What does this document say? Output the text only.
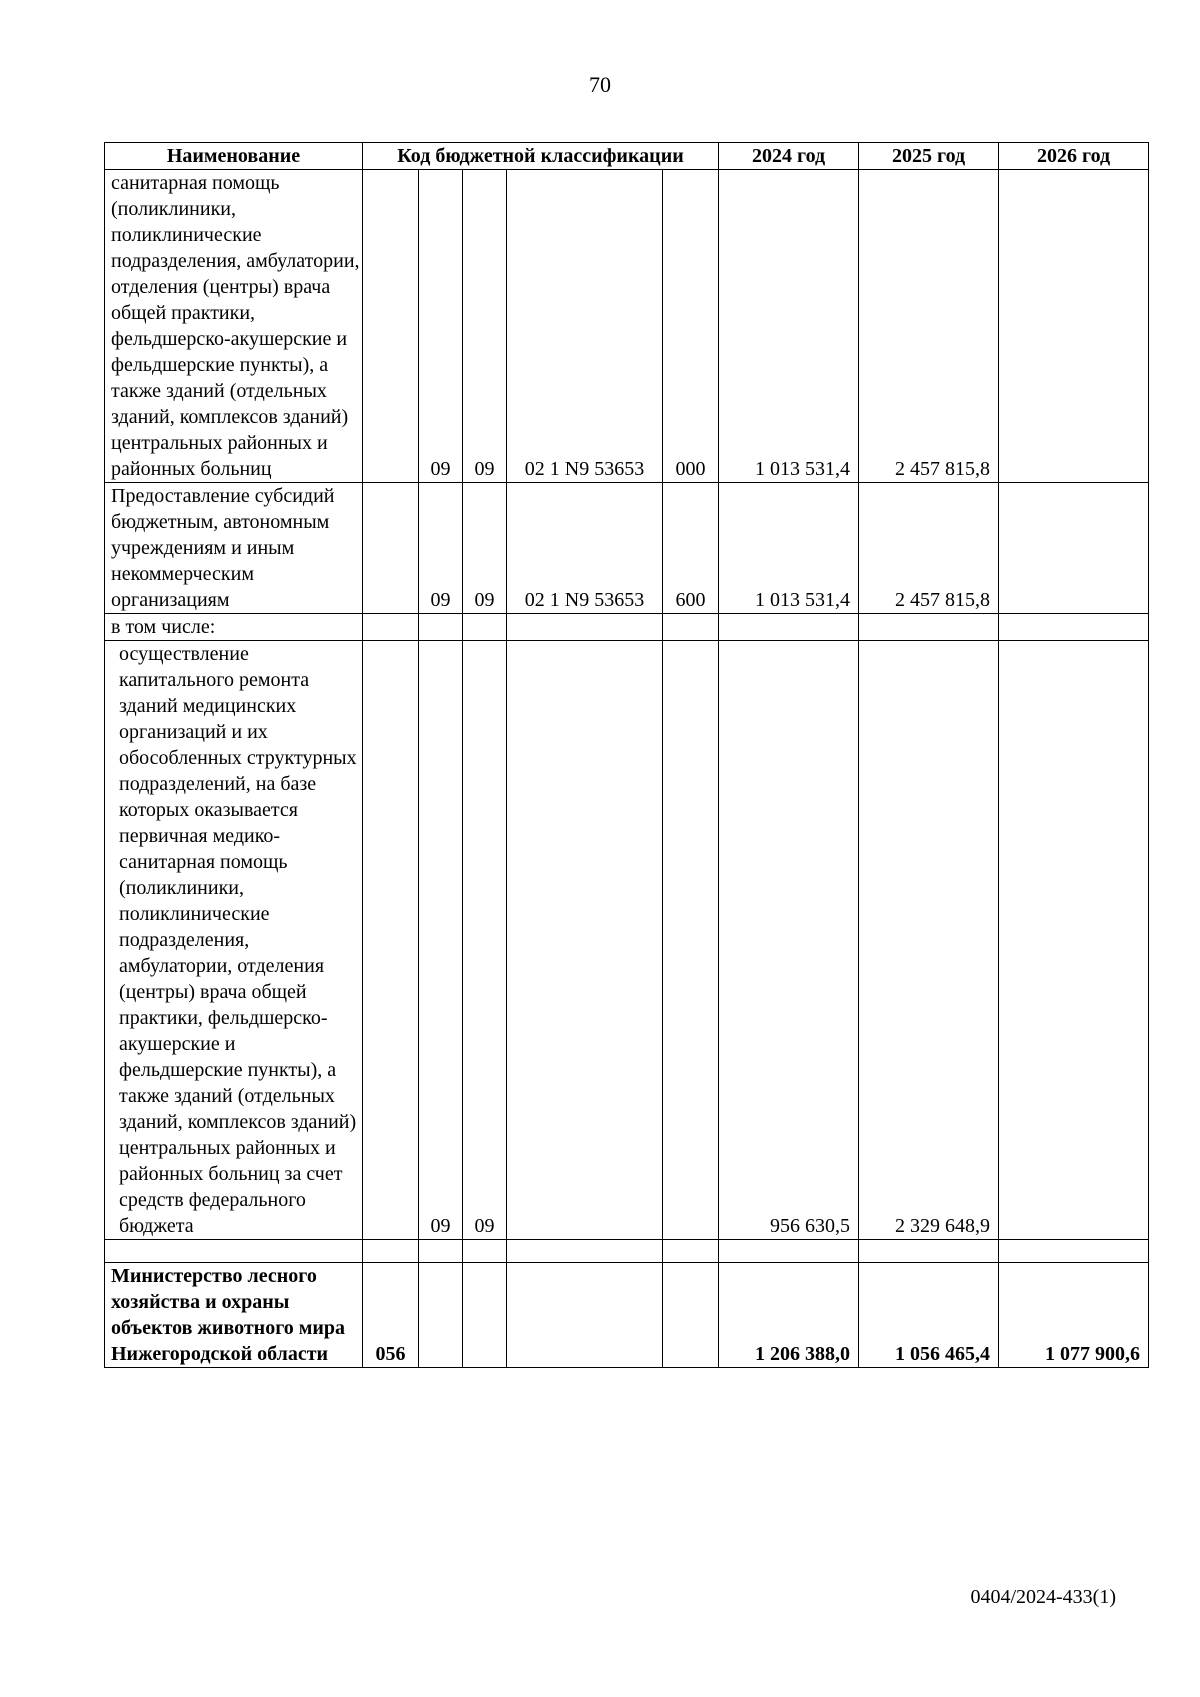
70
Наименование	Код бюджетной классификации					2024 год	2025 год	2026 год
санитарная помощь (поликлиники, поликлинические подразделения, амбулатории, отделения (центры) врача общей практики, фельдшерско-акушерские и фельдшерские пункты), а также зданий (отдельных зданий, комплексов зданий) центральных районных и районных больниц		09	09	02 1 N9 53653	000	1 013 531,4	2 457 815,8	
Предоставление субсидий бюджетным, автономным учреждениям и иным некоммерческим организациям		09	09	02 1 N9 53653	600	1 013 531,4	2 457 815,8	
в том числе:								
осуществление капитального ремонта зданий медицинских организаций и их обособленных структурных подразделений, на базе которых оказывается первичная медико-санитарная помощь (поликлиники, поликлинические подразделения, амбулатории, отделения (центры) врача общей практики, фельдшерско-акушерские и фельдшерские пункты), а также зданий (отдельных зданий, комплексов зданий) центральных районных и районных больниц за счет средств федерального бюджета		09	09			956 630,5	2 329 648,9	

Министерство лесного хозяйства и охраны объектов животного мира Нижегородской области	056					1 206 388,0	1 056 465,4	1 077 900,6
0404/2024-433(1)
